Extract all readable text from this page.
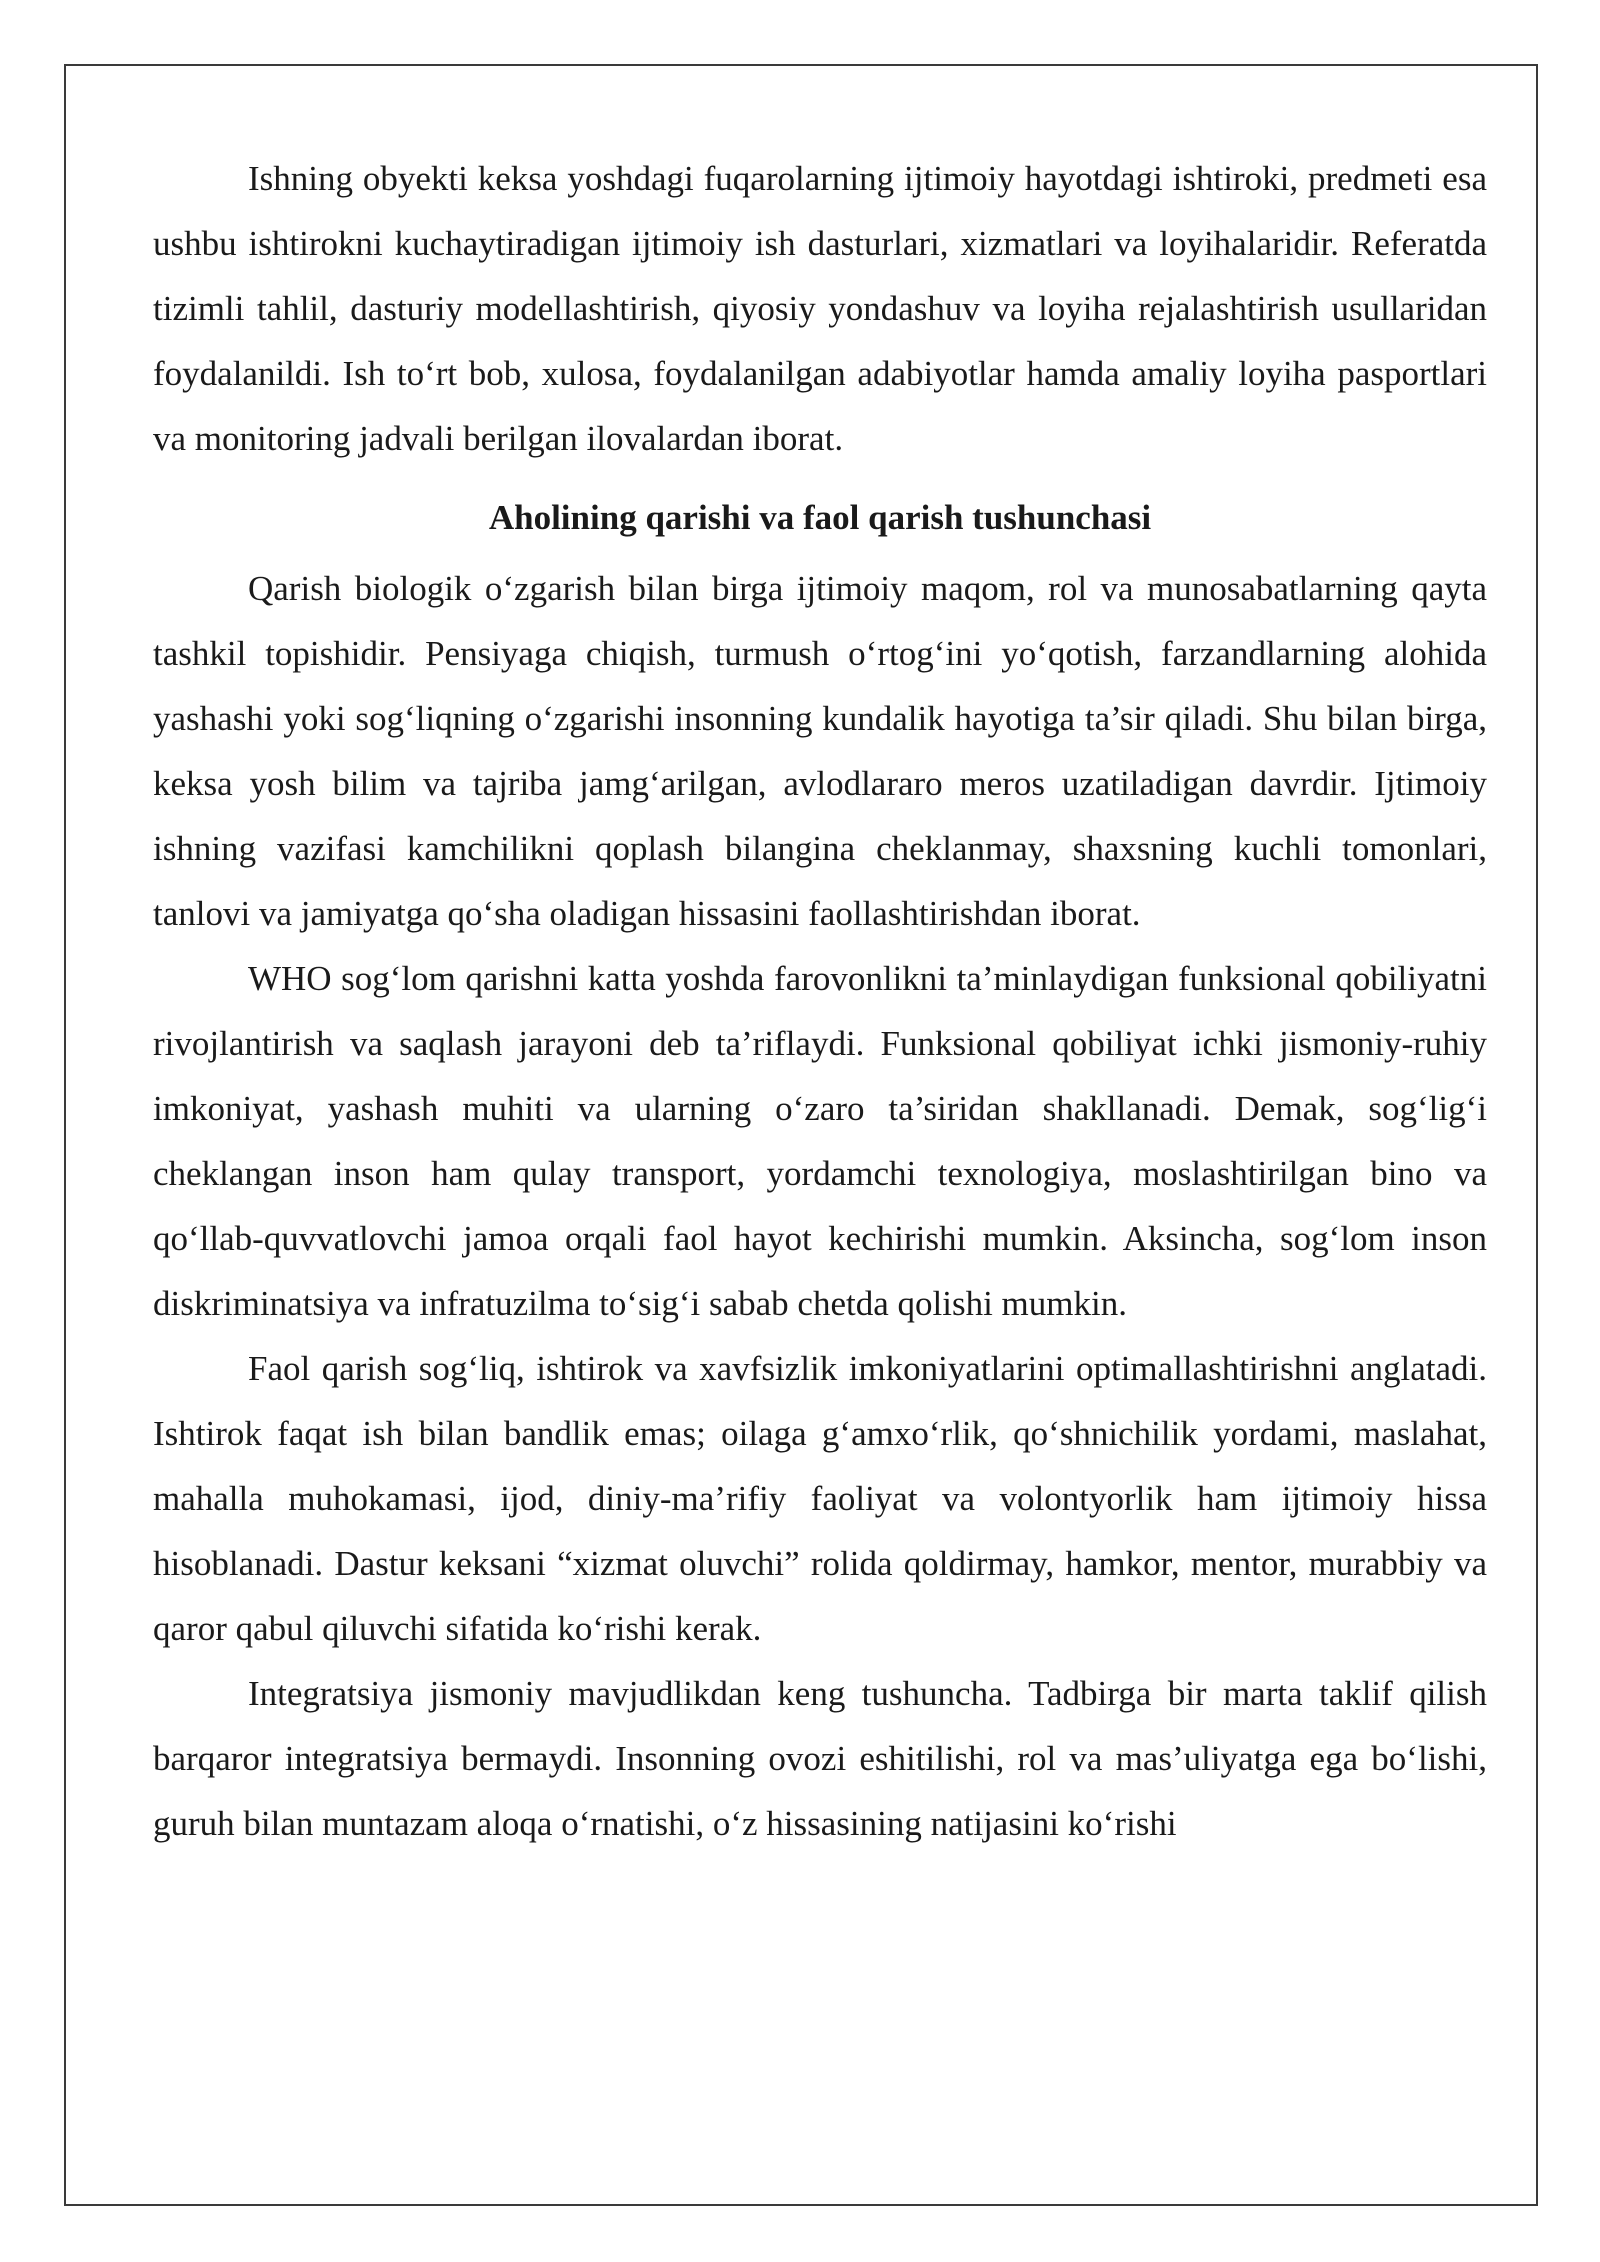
Ishning obyekti keksa yoshdagi fuqarolarning ijtimoiy hayotdagi ishtiroki, predmeti esa ushbu ishtirokni kuchaytiradigan ijtimoiy ish dasturlari, xizmatlari va loyihalaridir. Referatda tizimli tahlil, dasturiy modellashtirish, qiyosiy yondashuv va loyiha rejalashtirish usullaridan foydalanildi. Ish to‘rt bob, xulosa, foydalanilgan adabiyotlar hamda amaliy loyiha pasportlari va monitoring jadvali berilgan ilovalardan iborat.

Aholining qarishi va faol qarish tushunchasi

Qarish biologik o‘zgarish bilan birga ijtimoiy maqom, rol va munosabatlarning qayta tashkil topishidir. Pensiyaga chiqish, turmush o‘rtog‘ini yo‘qotish, farzandlarning alohida yashashi yoki sog‘liqning o‘zgarishi insonning kundalik hayotiga ta’sir qiladi. Shu bilan birga, keksa yosh bilim va tajriba jamg‘arilgan, avlodlararo meros uzatiladigan davrdir. Ijtimoiy ishning vazifasi kamchilikni qoplash bilangina cheklanmay, shaxsning kuchli tomonlari, tanlovi va jamiyatga qo‘sha oladigan hissasini faollashtirishdan iborat.

WHO sog‘lom qarishni katta yoshda farovonlikni ta’minlaydigan funksional qobiliyatni rivojlantirish va saqlash jarayoni deb ta’riflaydi. Funksional qobiliyat ichki jismoniy-ruhiy imkoniyat, yashash muhiti va ularning o‘zaro ta’siridan shakllanadi. Demak, sog‘lig‘i cheklangan inson ham qulay transport, yordamchi texnologiya, moslashtirilgan bino va qo‘llab-quvvatlovchi jamoa orqali faol hayot kechirishi mumkin. Aksincha, sog‘lom inson diskriminatsiya va infratuzilma to‘sig‘i sabab chetda qolishi mumkin.

Faol qarish sog‘liq, ishtirok va xavfsizlik imkoniyatlarini optimallashtirishni anglatadi. Ishtirok faqat ish bilan bandlik emas; oilaga g‘amxo‘rlik, qo‘shnichilik yordami, maslahat, mahalla muhokamasi, ijod, diniy-ma’rifiy faoliyat va volontyorlik ham ijtimoiy hissa hisoblanadi. Dastur keksani “xizmat oluvchi” rolida qoldirmay, hamkor, mentor, murabbiy va qaror qabul qiluvchi sifatida ko‘rishi kerak.

Integratsiya jismoniy mavjudlikdan keng tushuncha. Tadbirga bir marta taklif qilish barqaror integratsiya bermaydi. Insonning ovozi eshitilishi, rol va mas’uliyatga ega bo‘lishi, guruh bilan muntazam aloqa o‘rnatishi, o‘z hissasining natijasini ko‘rishi
